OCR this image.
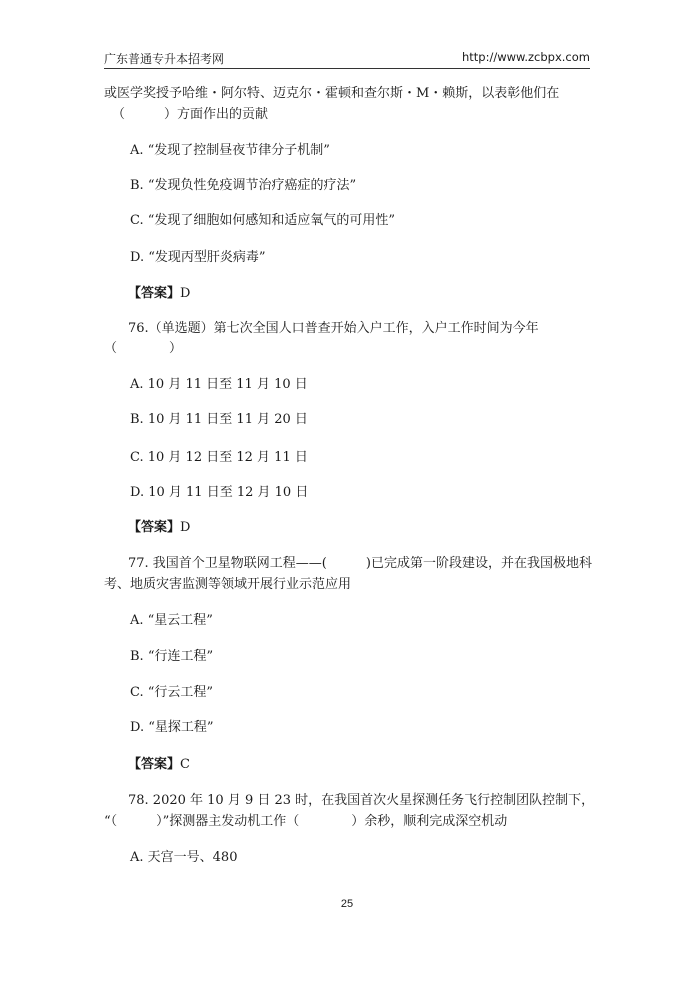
广东普通专升本招考网	http://www.zcbpx.com
或医学奖授予哈维・阿尔特、迈克尔・霍顿和查尔斯・M・赖斯，以表彰他们在
（　　　）方面作出的贡献
A. “发现了控制昼夜节律分子机制”
B. “发现负性免疫调节治疗癌症的疗法”
C. “发现了细胞如何感知和适应氧气的可用性”
D. “发现丙型肝炎病毒”
【答案】D
76.（单选题）第七次全国人口普查开始入户工作，入户工作时间为今年
（　　　　）
A. 10 月 11 日至 11 月 10 日
B. 10 月 11 日至 11 月 20 日
C. 10 月 12 日至 12 月 11 日
D. 10 月 11 日至 12 月 10 日
【答案】D
77. 我国首个卫星物联网工程——(　　　)已完成第一阶段建设，并在我国极地科
考、地质灾害监测等领域开展行业示范应用
A. “星云工程”
B. “行连工程”
C. “行云工程”
D. “星探工程”
【答案】C
78. 2020 年 10 月 9 日 23 时，在我国首次火星探测任务飞行控制团队控制下，
“（　　　）”探测器主发动机工作（　　　　）余秒，顺利完成深空机动
A. 天宫一号、480
25
